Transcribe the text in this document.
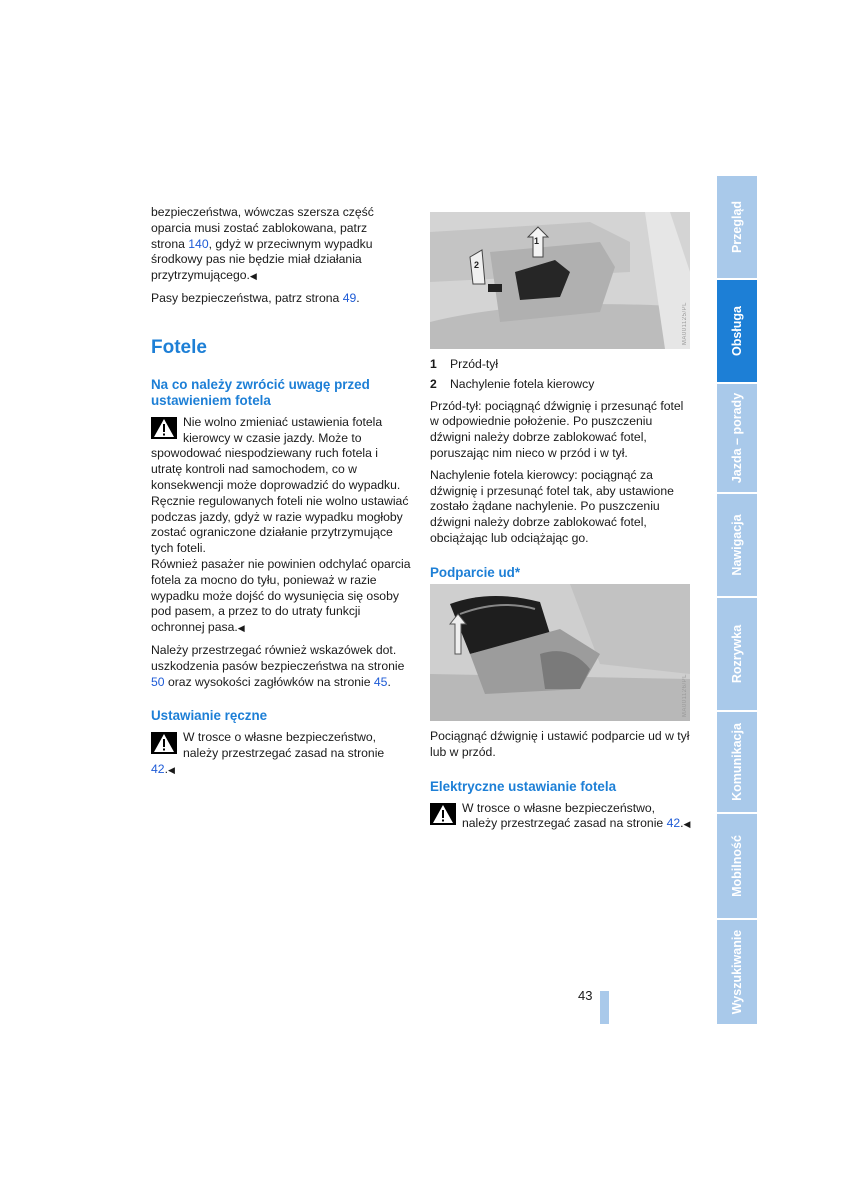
bezpieczeństwa, wówczas szersza część
oparcia musi zostać zablokowana, patrz
strona 140, gdyż w przeciwnym wypadku
środkowy pas nie będzie miał działania
przytrzymującego.◀

Pasy bezpieczeństwa, patrz strona 49.

Fotele
Na co należy zwrócić uwagę przed ustawieniem fotela

Nie wolno zmieniać ustawienia fotela kierowcy w czasie jazdy. Może to spowodować niespodziewany ruch fotela i utratę kontroli nad samochodem, co w konsekwencji może doprowadzić do wypadku.

Ręcznie regulowanych foteli nie wolno ustawiać podczas jazdy, gdyż w razie wypadku mogłoby zostać ograniczone działanie przytrzymujące tych foteli.

Również pasażer nie powinien odchylać oparcia fotela za mocno do tyłu, ponieważ w razie wypadku może dojść do wysunięcia się osoby pod pasem, a przez to do utraty funkcji ochronnej pasa.◀

Należy przestrzegać również wskazówek dot. uszkodzenia pasów bezpieczeństwa na stronie 50 oraz wysokości zagłówków na stronie 45.

Ustawianie ręczne

W trosce o własne bezpieczeństwo, należy przestrzegać zasad na stronie 42.◀

1
2
MA001125/PL
MA001126/PL
1 Przód-tył
2 Nachylenie fotela kierowcy

Przód-tył: pociągnąć dźwignię i przesunąć fotel w odpowiednie położenie. Po puszczeniu dźwigni należy dobrze zablokować fotel, poruszając nim nieco w przód i w tył.

Nachylenie fotela kierowcy: pociągnąć za dźwignię i przesunąć fotel tak, aby ustawione zostało żądane nachylenie. Po puszczeniu dźwigni należy dobrze zablokować fotel, obciążając lub odciążając go.

Podparcie ud*

Pociągnąć dźwignię i ustawić podparcie ud w tył lub w przód.

Elektryczne ustawianie fotela

W trosce o własne bezpieczeństwo, należy przestrzegać zasad na stronie 42.◀

Przegląd
Obsługa
Jazda – porady
Nawigacja
Rozrywka
Komunikacja
Mobilność
Wyszukiwanie
43
